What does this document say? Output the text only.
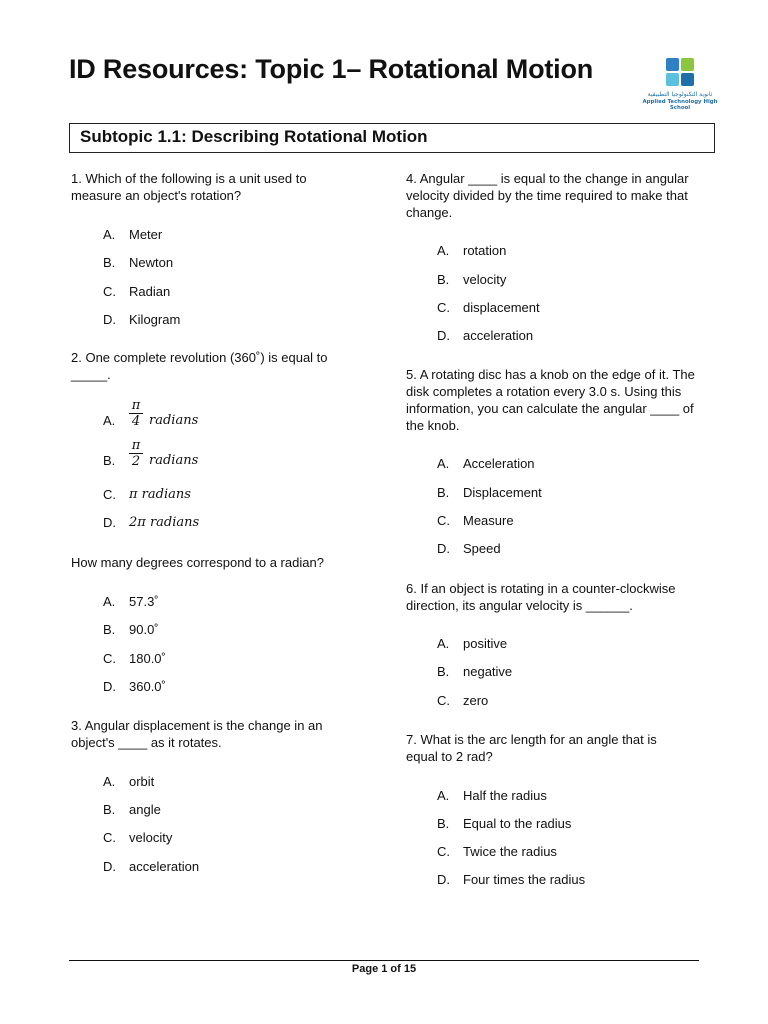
ID Resources: Topic 1– Rotational Motion
ثانوية التكنولوجيا التطبيقية
Applied Technology High School
Subtopic 1.1: Describing Rotational Motion
1. Which of the following is a unit used to measure an object's rotation?
2. One complete revolution (360˚) is equal to _____.
How many degrees correspond to a radian?
3. Angular displacement is the change in an object's ____ as it rotates.
4. Angular ____ is equal to the change in angular velocity divided by the time required to make that change.
5. A rotating disc has a knob on the edge of it. The disk completes a rotation every 3.0 s. Using this information, you can calculate the angular ____ of the knob.
6. If an object is rotating in a counter-clockwise direction, its angular velocity is ______.
7. What is the arc length for an angle that is equal to 2 rad?
A.	Meter
B.	Newton
C.	Radian
D.	Kilogram
A.	$\frac{\pi}{4}$ radians
B.	$\frac{\pi}{2}$ radians
C.	π radians
D.	2π radians
A.	57.3˚
B.	90.0˚
C.	180.0˚
D.	360.0˚
A.	orbit
B.	angle
C.	velocity
D.	acceleration
A.	rotation
B.	velocity
C.	displacement
D.	acceleration
A.	Acceleration
B.	Displacement
C.	Measure
D.	Speed
A.	positive
B.	negative
C.	zero
A.	Half the radius
B.	Equal to the radius
C.	Twice the radius
D.	Four times the radius
Page 1 of 15
